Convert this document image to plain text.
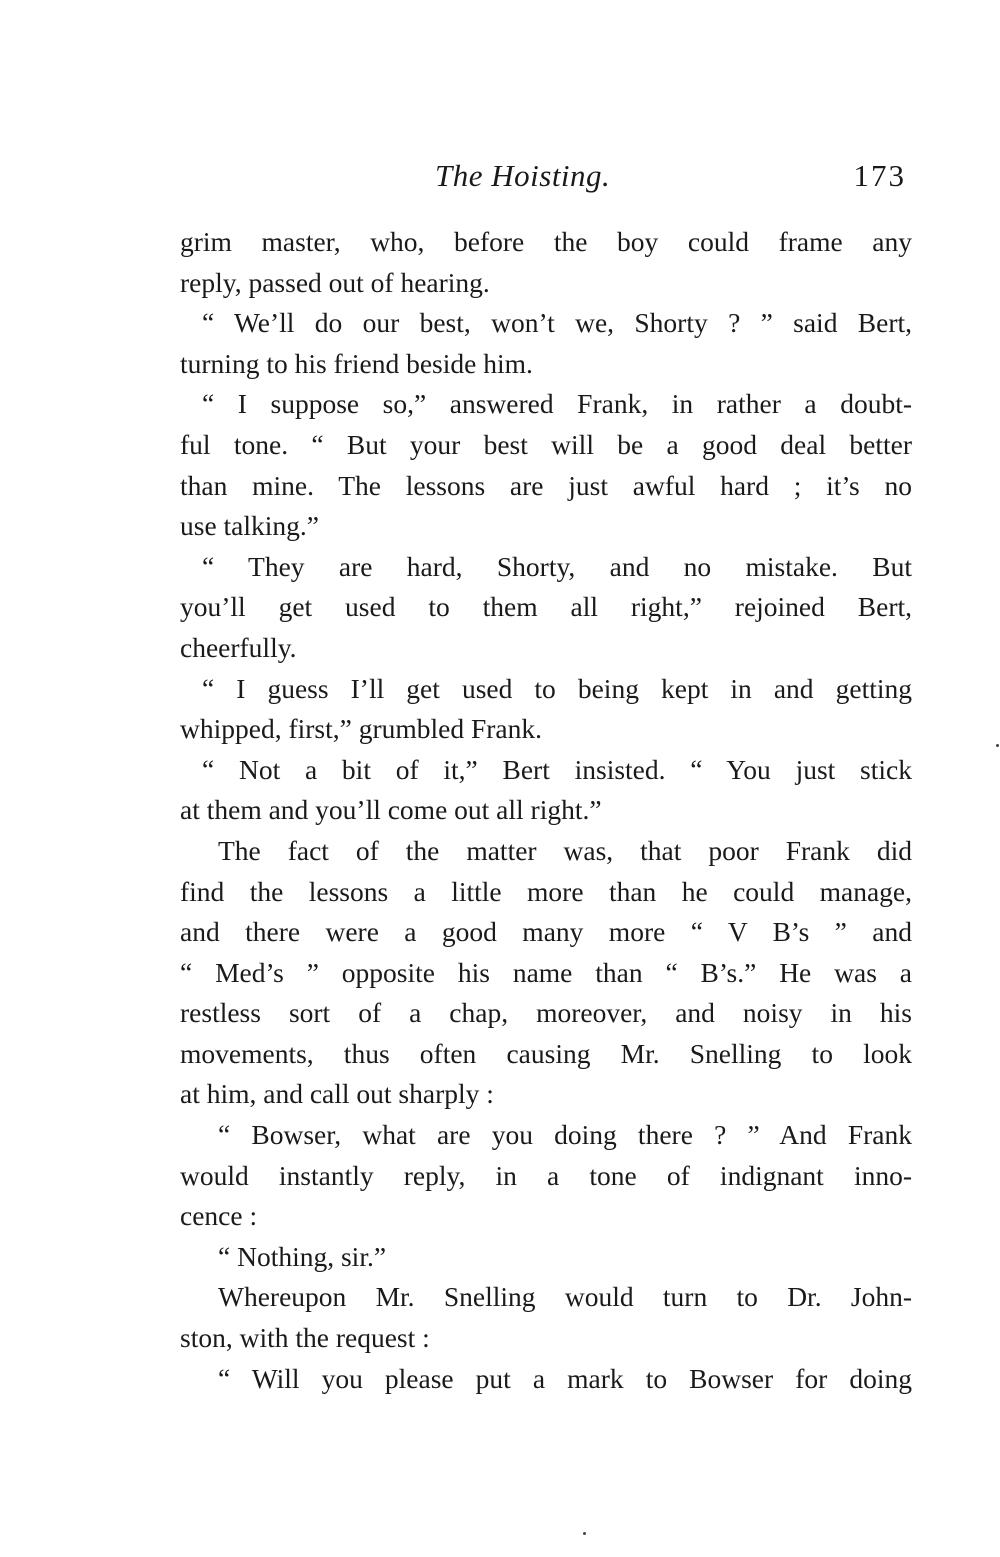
The Hoisting.	173
grim master, who, before the boy could frame any
reply, passed out of hearing.
“ We’ll do our best, won’t we, Shorty ? ” said Bert,
turning to his friend beside him.
“ I suppose so,” answered Frank, in rather a doubt-
ful tone. “ But your best will be a good deal better
than mine. The lessons are just awful hard ; it’s no
use talking.”
“ They are hard, Shorty, and no mistake. But
you’ll get used to them all right,” rejoined Bert,
cheerfully.
“ I guess I’ll get used to being kept in and getting
whipped, first,” grumbled Frank.
“ Not a bit of it,” Bert insisted. “ You just stick
at them and you’ll come out all right.”
The fact of the matter was, that poor Frank did
find the lessons a little more than he could manage,
and there were a good many more “ V B’s ” and
“ Med’s ” opposite his name than “ B’s.” He was a
restless sort of a chap, moreover, and noisy in his
movements, thus often causing Mr. Snelling to look
at him, and call out sharply :
“ Bowser, what are you doing there ? ” And Frank
would instantly reply, in a tone of indignant inno-
cence :
“ Nothing, sir.”
Whereupon Mr. Snelling would turn to Dr. John-
ston, with the request :
“ Will you please put a mark to Bowser for doing
